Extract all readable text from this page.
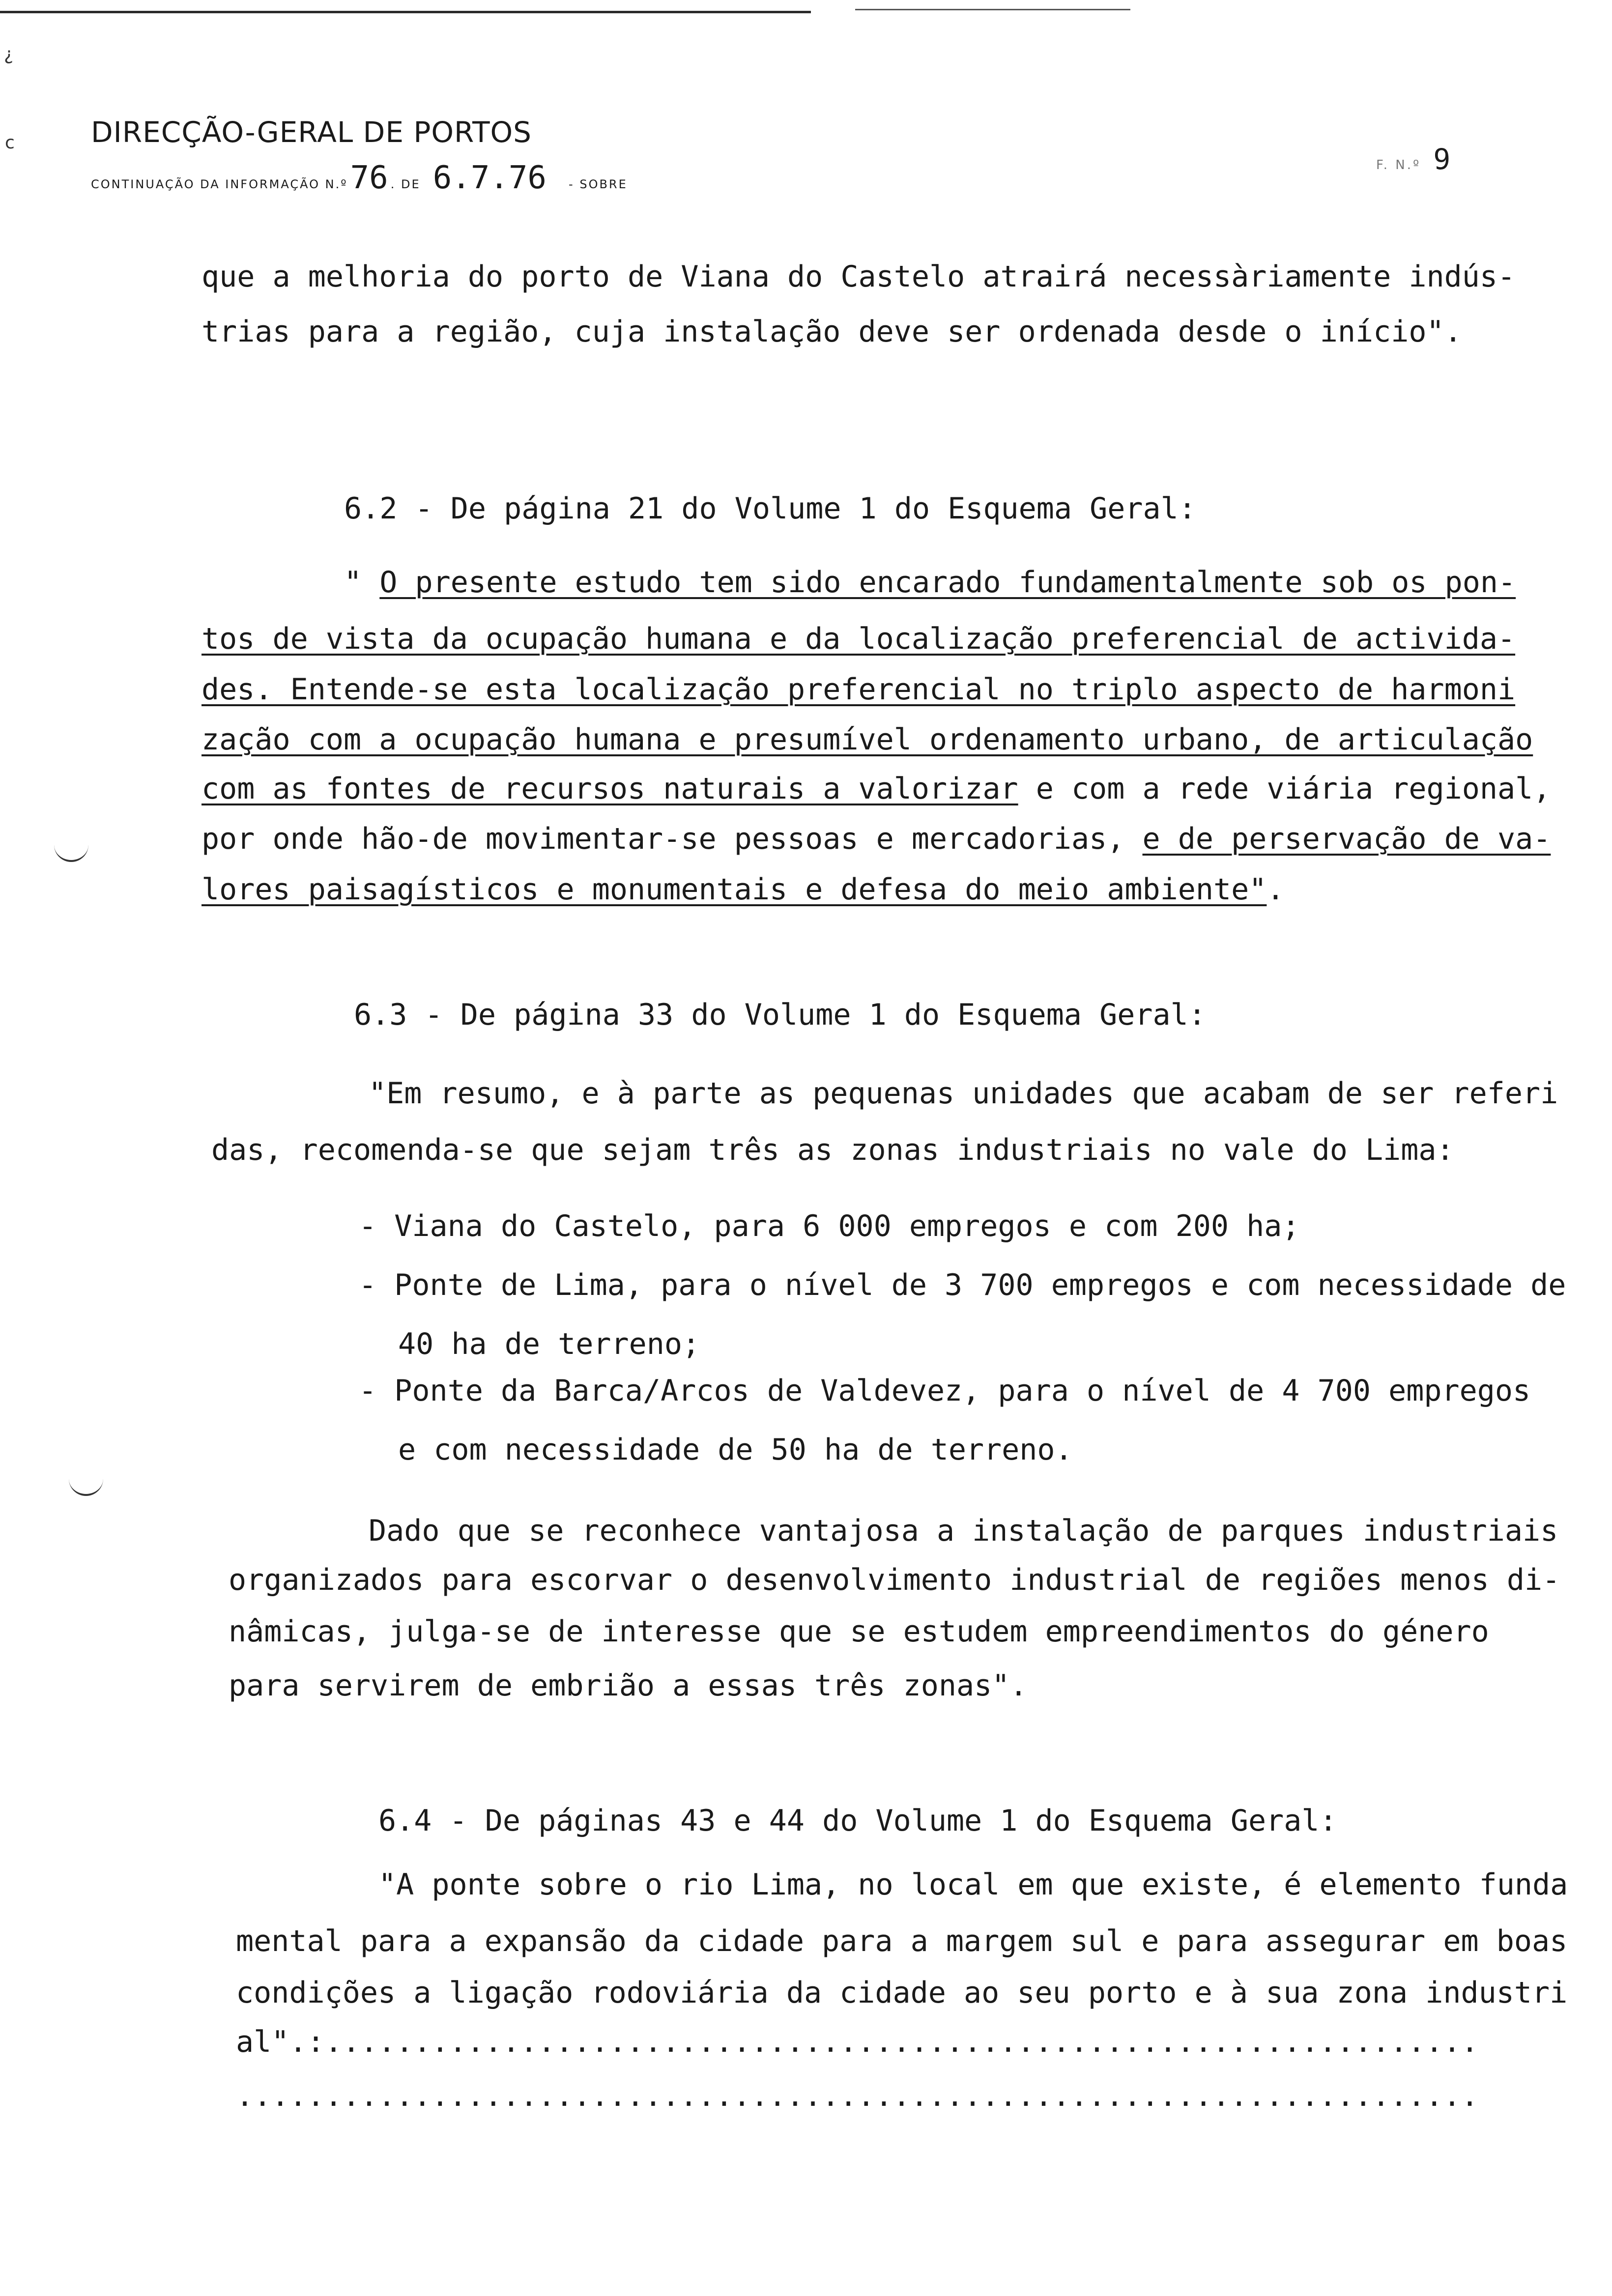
¿
c	DIRECÇÃO-GERAL DE PORTOS
CONTINUAÇÃO DA INFORMAÇÃO N.º 76 . DE 6.7.76 - SOBRE
F. N.º 9
que a melhoria do porto de Viana do Castelo atrairá necessàriamente indús-
trias para a região, cuja instalação deve ser ordenada desde o início".
6.2 - De página 21 do Volume 1 do Esquema Geral:
" O presente estudo tem sido encarado fundamentalmente sob os pon-
tos de vista da ocupação humana e da localização preferencial de activida-
des. Entende-se esta localização preferencial no triplo aspecto de harmoni
zação com a ocupação humana e presumível ordenamento urbano, de articulação
com as fontes de recursos naturais a valorizar e com a rede viária regional,
por onde hão-de movimentar-se pessoas e mercadorias, e de perservação de va-
lores paisagísticos e monumentais e defesa do meio ambiente".
6.3 - De página 33 do Volume 1 do Esquema Geral:
"Em resumo, e à parte as pequenas unidades que acabam de ser referi
das, recomenda-se que sejam três as zonas industriais no vale do Lima:
- Viana do Castelo, para 6 000 empregos e com 200 ha;
- Ponte de Lima, para o nível de 3 700 empregos e com necessidade de
40 ha de terreno;
- Ponte da Barca/Arcos de Valdevez, para o nível de 4 700 empregos
e com necessidade de 50 ha de terreno.
Dado que se reconhece vantajosa a instalação de parques industriais
organizados para escorvar o desenvolvimento industrial de regiões menos di-
nâmicas, julga-se de interesse que se estudem empreendimentos do género
para servirem de embrião a essas três zonas".
6.4 - De páginas 43 e 44 do Volume 1 do Esquema Geral:
"A ponte sobre o rio Lima, no local em que existe, é elemento funda
mental para a expansão da cidade para a margem sul e para assegurar em boas
condições a ligação rodoviária da cidade ao seu porto e à sua zona industri
al".:.................................................................
......................................................................
